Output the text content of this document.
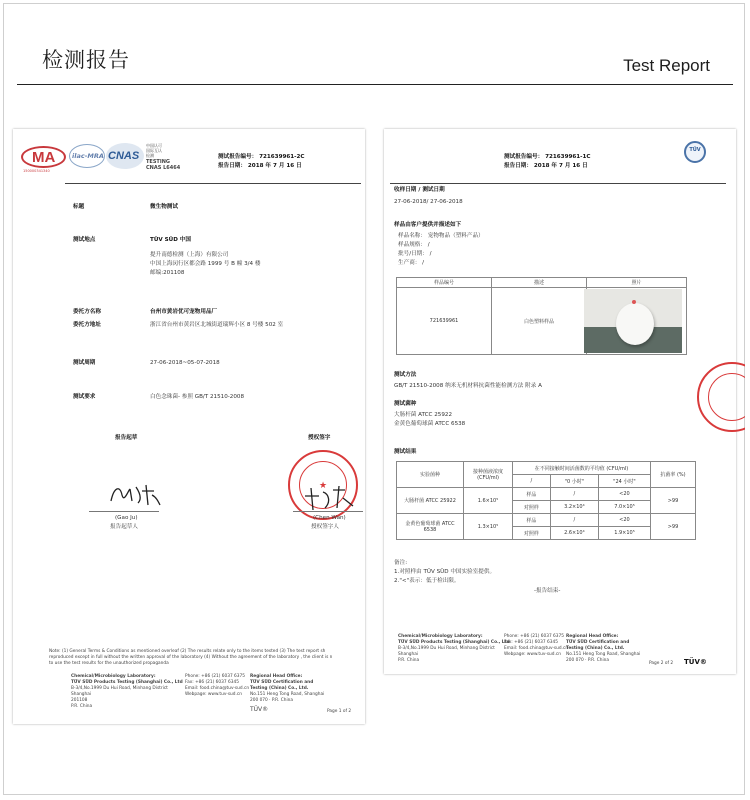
检测报告	Test Report
MA
150000341340
ilac-MRA CNAS
中国认可
国际互认
检测
TESTING
CNAS L6464
测试报告编号： 721639961-2C
报告日期： 2018 年 7 月 16 日
标题	微生物测试
测试地点	TÜV SÜD 中国
提升南德检测（上海）有限公司
中国上海闵行区都会路 1999 号 B 幢 3/4 楼
邮编:201108
委托方名称	台州市黄岩优可宠物用品厂
委托方地址	浙江省台州市黄岩区北城街道瑞辉小区 8 号楼 502 室
测试周期	27-06-2018~05-07-2018
测试要求	白色念珠菌- 参照 GB/T 21510-2008
报告起草	授权签字
(Gao Ju)
报告起草人
★
(Chen Wan)
授权签字人
Note: (1) General Terms & Conditions as mentioned overleaf (2) The results relate only to the items tested (3) The test report sh
reproduced except in full without the written approval of the laboratory (4) Without the agreement of the laboratory , the client is n
to use the test results for the unauthorized propaganda
Chemical/Microbiology Laboratory:
TÜV SÜD Products Testing (Shanghai) Co., Ltd
B-3/4,No.1999 Du Hui Road, Minhang District
Shanghai
201108
P.R. China
Phone: +86 (21) 6037 6375
Fax: +86 (21) 6037 6345
Email: food.china@tuv-sud.cn
Webpage: www.tuv-sud.cn
Regional Head Office:
TÜV SÜD Certification and
Testing (China) Co., Ltd.
No.151 Heng Tong Road, Shanghai
200 070 · P.R. China
TÜV®	Page 1 of 2
测试报告编号： 721639961-1C
报告日期： 2018 年 7 月 16 日
TÜV
收样日期 / 测试日期
27-06-2018/ 27-06-2018
样品由客户提供并描述如下
样品名称： 宠物物品（塑料产品）
样品规格： /
批号/日期： /
生产商： /
样品编号	描述	照片
721639961	白色塑料样品	
测试方法
GB/T 21510-2008 纳米无机材料抗菌性能检测方法 附录 A
测试菌种
大肠杆菌 ATCC 25922
金黄色葡萄球菌 ATCC 6538
测试结果
实验菌种	接种菌液浓度 (CFU/ml)	在不同接触时间活菌数的平均值 (CFU/ml)			抗菌率 (%)
		/	"0 小时"	"24 小时"	
大肠杆菌 ATCC 25922	1.6×10⁵	样品	/	<20	>99
		对照样	3.2×10⁴	7.0×10⁵	
金黄色葡萄球菌 ATCC 6538	1.3×10⁵	样品	/	<20	>99
		对照样	2.6×10⁴	1.9×10⁵	
备注:
1.对照样由 TÜV SÜD 中国实验室提供。
2."<"表示：低于检出限。
-报告结束-
Chemical/Microbiology Laboratory:
TÜV SÜD Products Testing (Shanghai) Co., Ltd
B-3/4,No.1999 Du Hui Road, Minhang District
Shanghai
P.R. China
Phone: +86 (21) 6037 6375
Fax: +86 (21) 6037 6345
Email: food.china@tuv-sud.cn
Webpage: www.tuv-sud.cn
Regional Head Office:
TÜV SÜD Certification and
Testing (China) Co., Ltd.
No.151 Heng Tong Road, Shanghai
200 070 · P.R. China
Page 2 of 2 TÜV®
